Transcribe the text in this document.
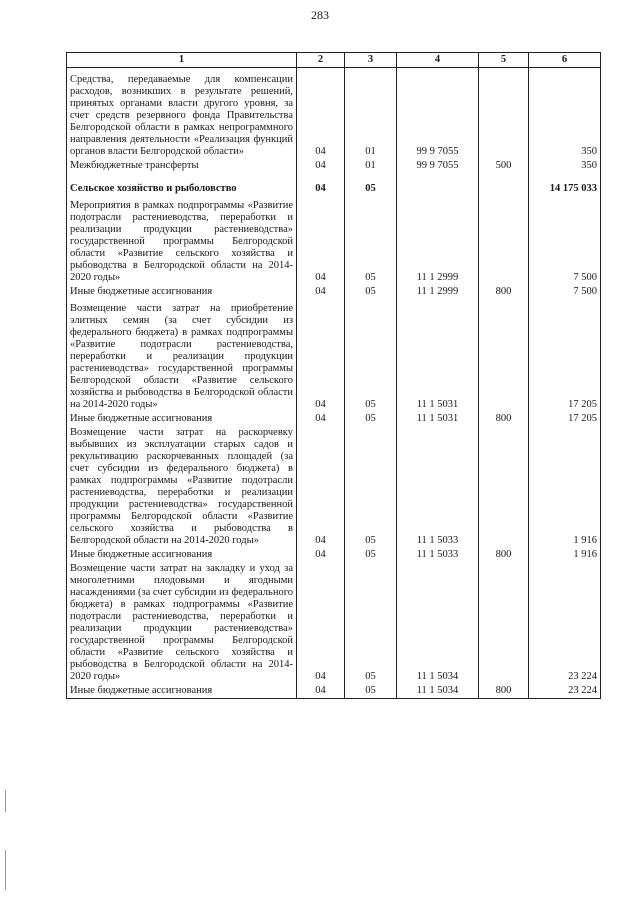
283
1	2	3	4	5	6
Средства, передаваемые для компенсации расходов, возникших в результате решений, принятых органами власти другого уровня, за счет средств резервного фонда Правительства Белгородской области в рамках непрограммного направления деятельности «Реализация функций органов власти Белгородской области»	04	01	99 9 7055		350
Межбюджетные трансферты	04	01	99 9 7055	500	350
Сельское хозяйство и рыболовство	04	05			14 175 033
Мероприятия в рамках подпрограммы «Развитие подотрасли растениеводства, переработки и реализации продукции растениеводства» государственной программы Белгородской области «Развитие сельского хозяйства и рыбоводства в Белгородской области на 2014-2020 годы»	04	05	11 1 2999		7 500
Иные бюджетные ассигнования	04	05	11 1 2999	800	7 500
Возмещение части затрат на приобретение элитных семян (за счет субсидии из федерального бюджета) в рамках подпрограммы «Развитие подотрасли растениеводства, переработки и реализации продукции растениеводства» государственной программы Белгородской области «Развитие сельского хозяйства и рыбоводства в Белгородской области на 2014-2020 годы»	04	05	11 1 5031		17 205
Иные бюджетные ассигнования	04	05	11 1 5031	800	17 205
Возмещение части затрат на раскорчевку выбывших из эксплуатации старых садов и рекультивацию раскорчеванных площадей (за счет субсидии из федерального бюджета) в рамках подпрограммы «Развитие подотрасли растениеводства, переработки и реализации продукции растениеводства» государственной программы Белгородской области «Развитие сельского хозяйства и рыбоводства в Белгородской области на 2014-2020 годы»	04	05	11 1 5033		1 916
Иные бюджетные ассигнования	04	05	11 1 5033	800	1 916
Возмещение части затрат на закладку и уход за многолетними плодовыми и ягодными насаждениями (за счет субсидии из федерального бюджета) в рамках подпрограммы «Развитие подотрасли растениеводства, переработки и реализации продукции растениеводства» государственной программы Белгородской области «Развитие сельского хозяйства и рыбоводства в Белгородской области на 2014-2020 годы»	04	05	11 1 5034		23 224
Иные бюджетные ассигнования	04	05	11 1 5034	800	23 224
